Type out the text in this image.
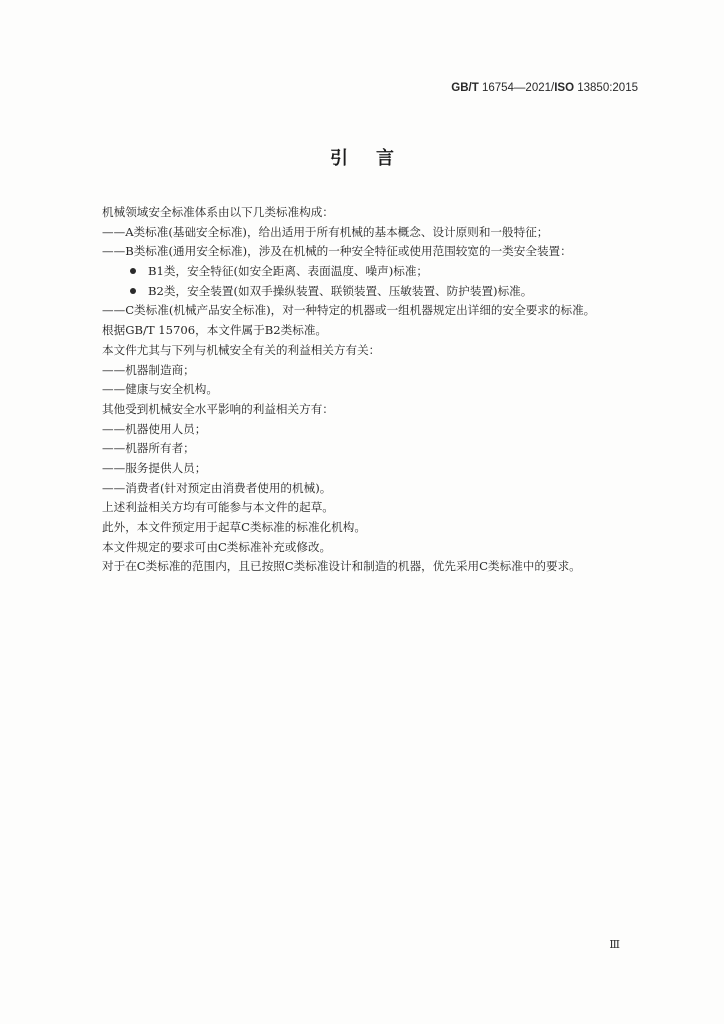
GB/T 16754—2021/ISO 13850:2015
引言
机械领域安全标准体系由以下几类标准构成：
——A类标准(基础安全标准)，给出适用于所有机械的基本概念、设计原则和一般特征；
——B类标准(通用安全标准)，涉及在机械的一种安全特征或使用范围较宽的一类安全装置：
B1类，安全特征(如安全距离、表面温度、噪声)标准；
B2类，安全装置(如双手操纵装置、联锁装置、压敏装置、防护装置)标准。
——C类标准(机械产品安全标准)，对一种特定的机器或一组机器规定出详细的安全要求的标准。
根据GB/T 15706，本文件属于B2类标准。
本文件尤其与下列与机械安全有关的利益相关方有关：
——机器制造商；
——健康与安全机构。
其他受到机械安全水平影响的利益相关方有：
——机器使用人员；
——机器所有者；
——服务提供人员；
——消费者(针对预定由消费者使用的机械)。
上述利益相关方均有可能参与本文件的起草。
此外，本文件预定用于起草C类标准的标准化机构。
本文件规定的要求可由C类标准补充或修改。
对于在C类标准的范围内，且已按照C类标准设计和制造的机器，优先采用C类标准中的要求。
Ⅲ
